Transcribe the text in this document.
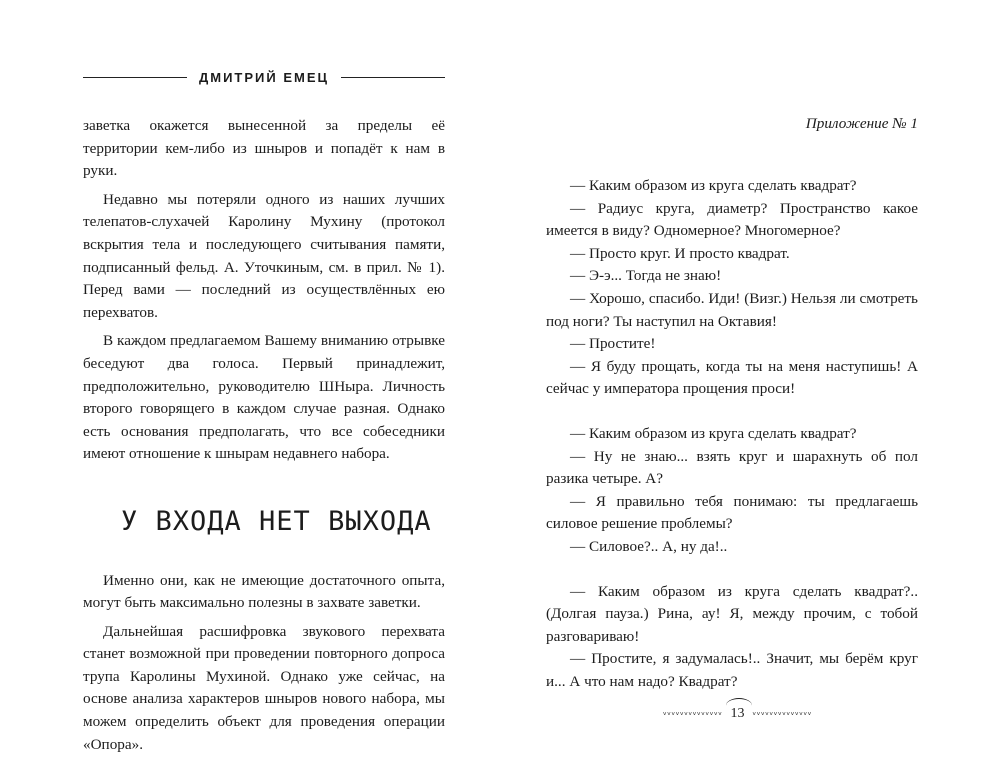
ДМИТРИЙ ЕМЕЦ

заветка окажется вынесенной за пределы её территории кем-либо из шныров и попадёт к нам в руки.

Недавно мы потеряли одного из наших лучших телепатов-слухачей Каролину Мухину (протокол вскрытия тела и последующего считывания памяти, подписанный фельд. А. Уточкиным, см. в прил. № 1). Перед вами — последний из осуществлённых ею перехватов.

В каждом предлагаемом Вашему вниманию отрывке беседуют два голоса. Первый принадлежит, предположительно, руководителю ШНыра. Личность второго говорящего в каждом случае разная. Однако есть основания предполагать, что все собеседники имеют отношение к шнырам недавнего набора.

У ВХОДА НЕТ ВЫХОДА

Именно они, как не имеющие достаточного опыта, могут быть максимально полезны в захвате заветки.

Дальнейшая расшифровка звукового перехвата станет возможной при проведении повторного допроса трупа Каролины Мухиной. Однако уже сейчас, на основе анализа характеров шныров нового набора, мы можем определить объект для проведения операции «Опора».

Приложение № 1

— Каким образом из круга сделать квадрат?

— Радиус круга, диаметр? Пространство какое имеется в виду? Одномерное? Многомерное?

— Просто круг. И просто квадрат.

— Э-э... Тогда не знаю!

— Хорошо, спасибо. Иди! (Визг.) Нельзя ли смотреть под ноги? Ты наступил на Октавия!

— Простите!

— Я буду прощать, когда ты на меня наступишь! А сейчас у императора прощения проси!

— Каким образом из круга сделать квадрат?

— Ну не знаю... взять круг и шарахнуть об пол разика четыре. А?

— Я правильно тебя понимаю: ты предлагаешь силовое решение проблемы?

— Силовое?.. А, ну да!..

— Каким образом из круга сделать квадрат?.. (Долгая пауза.) Рина, ау! Я, между прочим, с тобой разговариваю!

— Простите, я задумалась!.. Значит, мы берём круг и... А что нам надо? Квадрат?

ᵥᵥᵥᵥᵥᵥᵥᵥᵥᵥᵥᵥᵥᵥ 13 ᵥᵥᵥᵥᵥᵥᵥᵥᵥᵥᵥᵥᵥᵥ
